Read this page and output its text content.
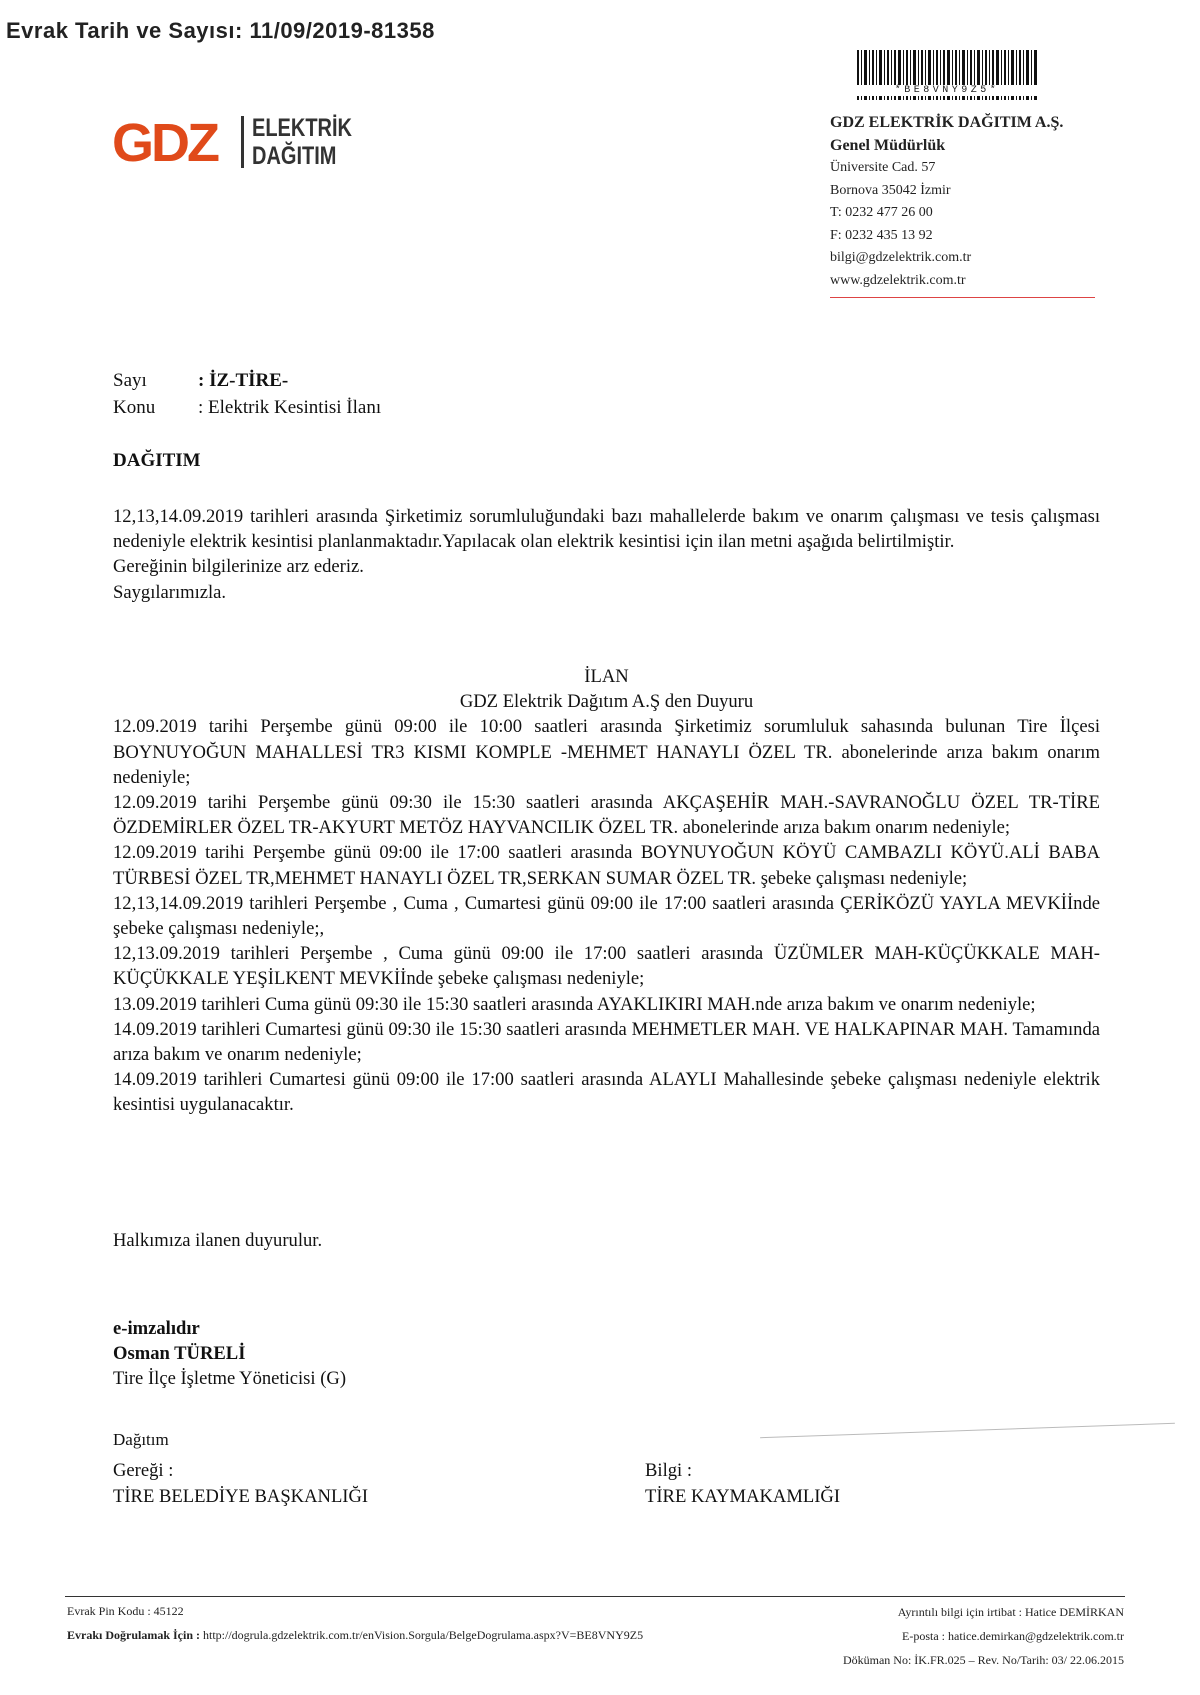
Evrak Tarih ve Sayısı: 11/09/2019-81358
GDZ ELEKTRİK
DAĞITIM
*BE8VNY9Z5*
GDZ ELEKTRİK DAĞITIM A.Ş.
Genel Müdürlük
Üniversite Cad. 57
Bornova 35042 İzmir
T: 0232 477 26 00
F: 0232 435 13 92
bilgi@gdzelektrik.com.tr
www.gdzelektrik.com.tr
Sayı	: İZ-TİRE-
Konu : Elektrik Kesintisi İlanı
DAĞITIM

12,13,14.09.2019 tarihleri arasında Şirketimiz sorumluluğundaki bazı mahallelerde bakım ve onarım çalışması ve tesis çalışması nedeniyle elektrik kesintisi planlanmaktadır.Yapılacak olan elektrik kesintisi için ilan metni aşağıda belirtilmiştir.

Gereğinin bilgilerinize arz ederiz.

Saygılarımızla.

İLAN

GDZ Elektrik Dağıtım A.Ş den Duyuru

12.09.2019 tarihi Perşembe günü 09:00 ile 10:00 saatleri arasında Şirketimiz sorumluluk sahasında bulunan Tire İlçesi BOYNUYOĞUN MAHALLESİ TR3 KISMI KOMPLE -MEHMET HANAYLI ÖZEL TR. abonelerinde arıza bakım onarım nedeniyle;

12.09.2019 tarihi Perşembe günü 09:30 ile 15:30 saatleri arasında AKÇAŞEHİR MAH.-SAVRANOĞLU ÖZEL TR-TİRE ÖZDEMİRLER ÖZEL TR-AKYURT METÖZ HAYVANCILIK ÖZEL TR. abonelerinde arıza bakım onarım nedeniyle;

12.09.2019 tarihi Perşembe günü 09:00 ile 17:00 saatleri arasında BOYNUYOĞUN KÖYÜ CAMBAZLI KÖYÜ.ALİ BABA TÜRBESİ ÖZEL TR,MEHMET HANAYLI ÖZEL TR,SERKAN SUMAR ÖZEL TR. şebeke çalışması nedeniyle;

12,13,14.09.2019 tarihleri Perşembe , Cuma , Cumartesi günü 09:00 ile 17:00 saatleri arasında ÇERİKÖZÜ YAYLA MEVKİİnde şebeke çalışması nedeniyle;,

12,13.09.2019 tarihleri Perşembe , Cuma günü 09:00 ile 17:00 saatleri arasında ÜZÜMLER MAH-KÜÇÜKKALE MAH-KÜÇÜKKALE YEŞİLKENT MEVKİİnde şebeke çalışması nedeniyle;

13.09.2019 tarihleri Cuma günü 09:30 ile 15:30 saatleri arasında AYAKLIKIRI MAH.nde arıza bakım ve onarım nedeniyle;

14.09.2019 tarihleri Cumartesi günü 09:30 ile 15:30 saatleri arasında MEHMETLER MAH. VE HALKAPINAR MAH. Tamamında arıza bakım ve onarım nedeniyle;

14.09.2019 tarihleri Cumartesi günü 09:00 ile 17:00 saatleri arasında ALAYLI Mahallesinde şebeke çalışması nedeniyle elektrik kesintisi uygulanacaktır.

Halkımıza ilanen duyurulur.
e-imzalıdır
Osman TÜRELİ
Tire İlçe İşletme Yöneticisi (G)
Dağıtım
Gereği :
TİRE BELEDİYE BAŞKANLIĞI
Bilgi :
TİRE KAYMAKAMLIĞI
Evrak Pin Kodu : 45122
Evrakı Doğrulamak İçin : http://dogrula.gdzelektrik.com.tr/enVision.Sorgula/BelgeDogrulama.aspx?V=BE8VNY9Z5
Ayrıntılı bilgi için irtibat : Hatice DEMİRKAN
E-posta : hatice.demirkan@gdzelektrik.com.tr
Döküman No: İK.FR.025 – Rev. No/Tarih: 03/ 22.06.2015
